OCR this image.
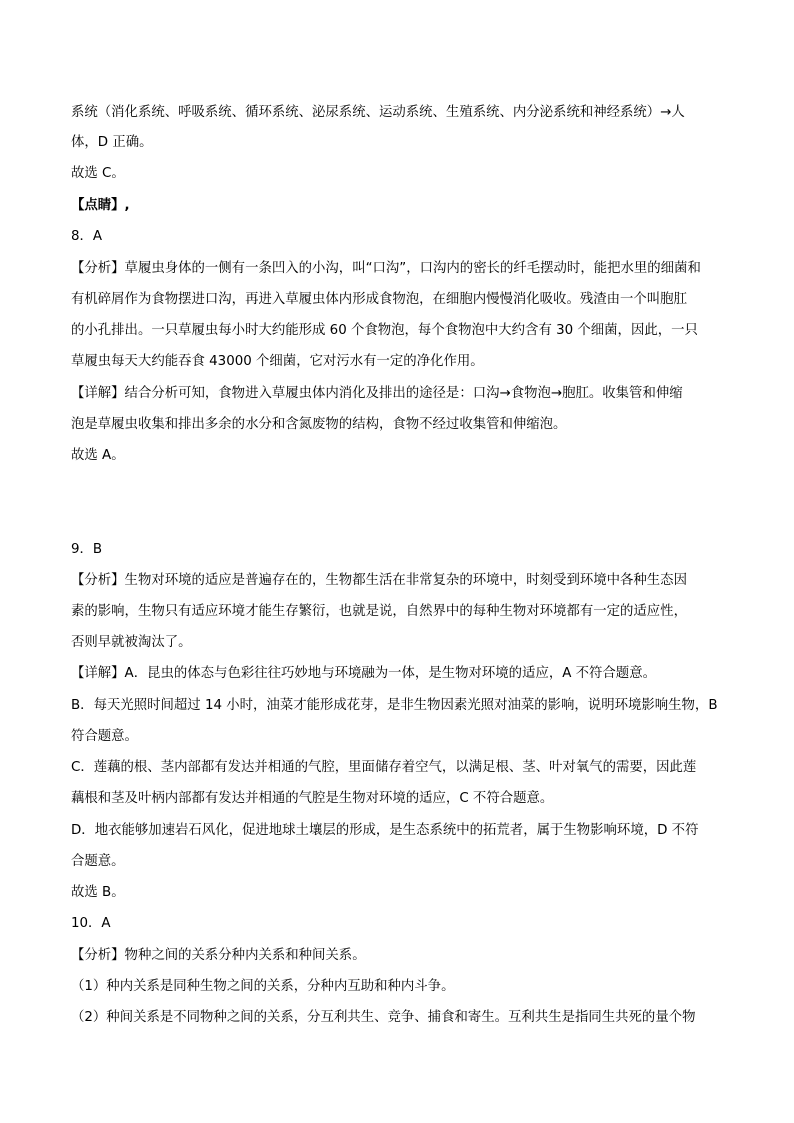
系统（消化系统、呼吸系统、循环系统、泌尿系统、运动系统、生殖系统、内分泌系统和神经系统）→人
体，D 正确。
故选 C。
【点睛】,
8．A
【分析】草履虫身体的一侧有一条凹入的小沟，叫“口沟”，口沟内的密长的纤毛摆动时，能把水里的细菌和
有机碎屑作为食物摆进口沟，再进入草履虫体内形成食物泡，在细胞内慢慢消化吸收。残渣由一个叫胞肛
的小孔排出。一只草履虫每小时大约能形成 60 个食物泡，每个食物泡中大约含有 30 个细菌，因此，一只
草履虫每天大约能吞食 43000 个细菌，它对污水有一定的净化作用。
【详解】结合分析可知，食物进入草履虫体内消化及排出的途径是：口沟→食物泡→胞肛。收集管和伸缩
泡是草履虫收集和排出多余的水分和含氮废物的结构，食物不经过收集管和伸缩泡。
故选 A。
9．B
【分析】生物对环境的适应是普遍存在的，生物都生活在非常复杂的环境中，时刻受到环境中各种生态因
素的影响，生物只有适应环境才能生存繁衍，也就是说，自然界中的每种生物对环境都有一定的适应性，
否则早就被淘汰了。
【详解】A．昆虫的体态与色彩往往巧妙地与环境融为一体，是生物对环境的适应，A 不符合题意。
B．每天光照时间超过 14 小时，油菜才能形成花芽，是非生物因素光照对油菜的影响，说明环境影响生物，B
符合题意。
C．莲藕的根、茎内部都有发达并相通的气腔，里面储存着空气，以满足根、茎、叶对氧气的需要，因此莲
藕根和茎及叶柄内部都有发达并相通的气腔是生物对环境的适应，C 不符合题意。
D．地衣能够加速岩石风化，促进地球土壤层的形成，是生态系统中的拓荒者，属于生物影响环境，D 不符
合题意。
故选 B。
10．A
【分析】物种之间的关系分种内关系和种间关系。
（1）种内关系是同种生物之间的关系，分种内互助和种内斗争。
（2）种间关系是不同物种之间的关系，分互利共生、竞争、捕食和寄生。互利共生是指同生共死的量个物
